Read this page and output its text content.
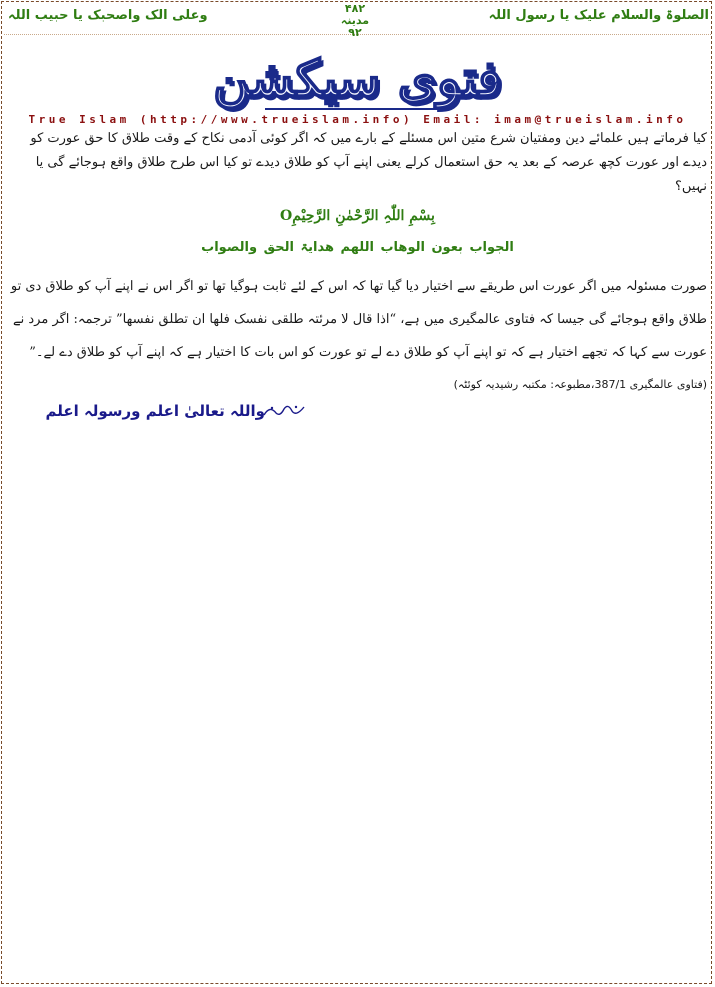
الصلوۃ والسلام علیک یا رسول اللہ
وعلی الک واصحبک یا حبیب اللہ	۴۸۲
مدینہ
۹۲
فتوی سیکشن
True Islam (http://www.trueislam.info) Email: imam@trueislam.info
کیا فرماتے ہیں علمائے دین ومفتیان شرع متین اس مسئلے کے بارے میں کہ اگر کوئی آدمی نکاح کے وقت طلاق کا حق عورت کو دیدے اور عورت کچھ عرصہ کے بعد یہ حق استعمال کرلے یعنی اپنے آپ کو طلاق دیدے تو کیا اس طرح طلاق واقع ہوجائے گی یا نہیں؟
بِسْمِ اللّٰہِ الرَّحْمٰنِ الرَّحِیْمِO
الجواب بعون الوھاب اللھم ھدایۃ الحق والصواب
صورت مسئولہ میں اگر عورت اس طریقے سے اختیار دیا گیا تھا کہ اس کے لئے ثابت ہوگیا تھا تو اگر اس نے اپنے آپ کو طلاق دی تو طلاق واقع ہوجائے گی جیسا کہ فتاوی عالمگیری میں ہے، “اذا قال لا مرئتہ طلقی نفسک فلھا ان تطلق نفسھا” ترجمہ: اگر مرد نے عورت سے کہا کہ تجھے اختیار ہے کہ تو اپنے آپ کو طلاق دے لے تو عورت کو اس بات کا اختیار ہے کہ اپنے آپ کو طلاق دے لے۔”
(فتاوی عالمگیری 387/1،مطبوعہ: مکتبہ رشیدیہ کوئٹہ)
واللہ تعالیٰ اعلم ورسولہ اعلم
